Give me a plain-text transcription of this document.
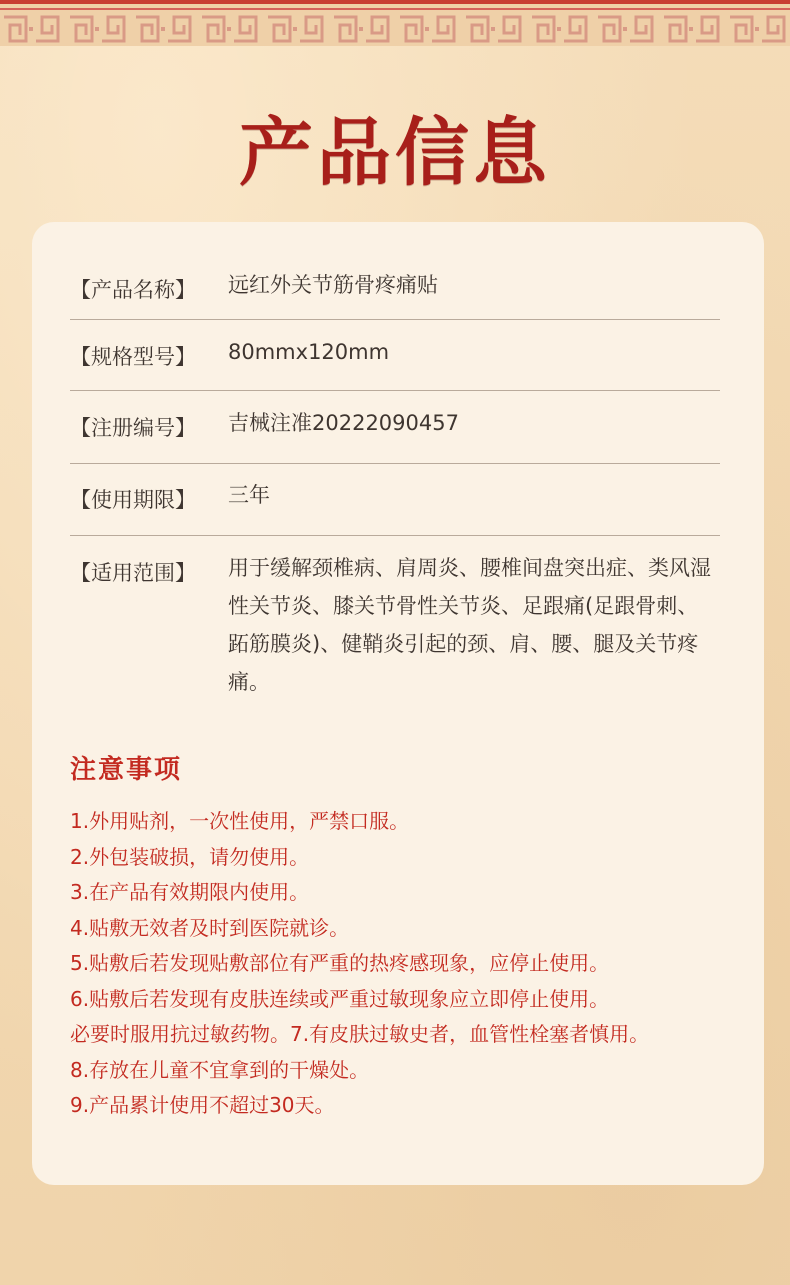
产品信息
【产品名称】 远红外关节筋骨疼痛贴
【规格型号】 80mmx120mm
【注册编号】 吉械注准20222090457
【使用期限】 三年
【适用范围】 用于缓解颈椎病、肩周炎、腰椎间盘突出症、类风湿性关节炎、膝关节骨性关节炎、足跟痛(足跟骨刺、跖筋膜炎)、健鞘炎引起的颈、肩、腰、腿及关节疼痛。
注意事项
1.外用贴剂，一次性使用，严禁口服。
2.外包装破损，请勿使用。
3.在产品有效期限内使用。
4.贴敷无效者及时到医院就诊。
5.贴敷后若发现贴敷部位有严重的热疼感现象，应停止使用。
6.贴敷后若发现有皮肤连续或严重过敏现象应立即停止使用。
必要时服用抗过敏药物。7.有皮肤过敏史者，血管性栓塞者慎用。
8.存放在儿童不宜拿到的干燥处。
9.产品累计使用不超过30天。
